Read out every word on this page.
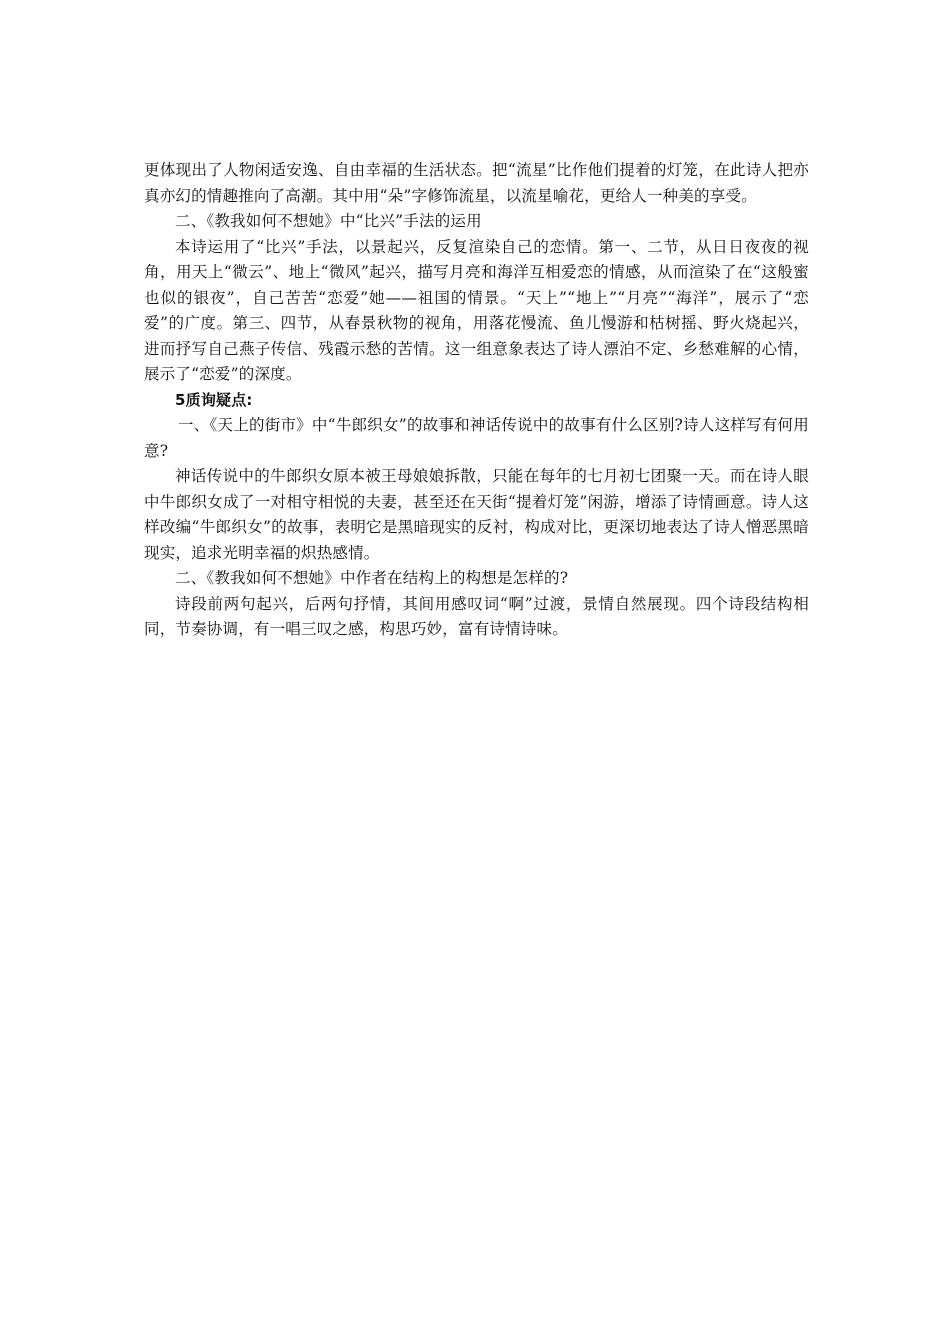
更体现出了人物闲适安逸、自由幸福的生活状态。把“流星”比作他们提着的灯笼，在此诗人把亦真亦幻的情趣推向了高潮。其中用“朵”字修饰流星，以流星喻花，更给人一种美的享受。

二、《教我如何不想她》中“比兴”手法的运用

本诗运用了“比兴”手法，以景起兴，反复渲染自己的恋情。第一、二节，从日日夜夜的视角，用天上“微云”、地上“微风”起兴，描写月亮和海洋互相爱恋的情感，从而渲染了在“这般蜜也似的银夜”，自己苦苦“恋爱”她——祖国的情景。“天上”“地上”“月亮”“海洋”，展示了“恋爱”的广度。第三、四节，从春景秋物的视角，用落花慢流、鱼儿慢游和枯树摇、野火烧起兴，进而抒写自己燕子传信、残霞示愁的苦情。这一组意象表达了诗人漂泊不定、乡愁难解的心情，展示了“恋爱”的深度。

5质询疑点:

一、《天上的街市》中“牛郎织女”的故事和神话传说中的故事有什么区别?诗人这样写有何用意?

神话传说中的牛郎织女原本被王母娘娘拆散，只能在每年的七月初七团聚一天。而在诗人眼中牛郎织女成了一对相守相悦的夫妻，甚至还在天街“提着灯笼”闲游，增添了诗情画意。诗人这样改编“牛郎织女”的故事，表明它是黑暗现实的反衬，构成对比，更深切地表达了诗人憎恶黑暗现实，追求光明幸福的炽热感情。

二、《教我如何不想她》中作者在结构上的构想是怎样的?

诗段前两句起兴，后两句抒情，其间用感叹词“啊”过渡，景情自然展现。四个诗段结构相同，节奏协调，有一唱三叹之感，构思巧妙，富有诗情诗味。
